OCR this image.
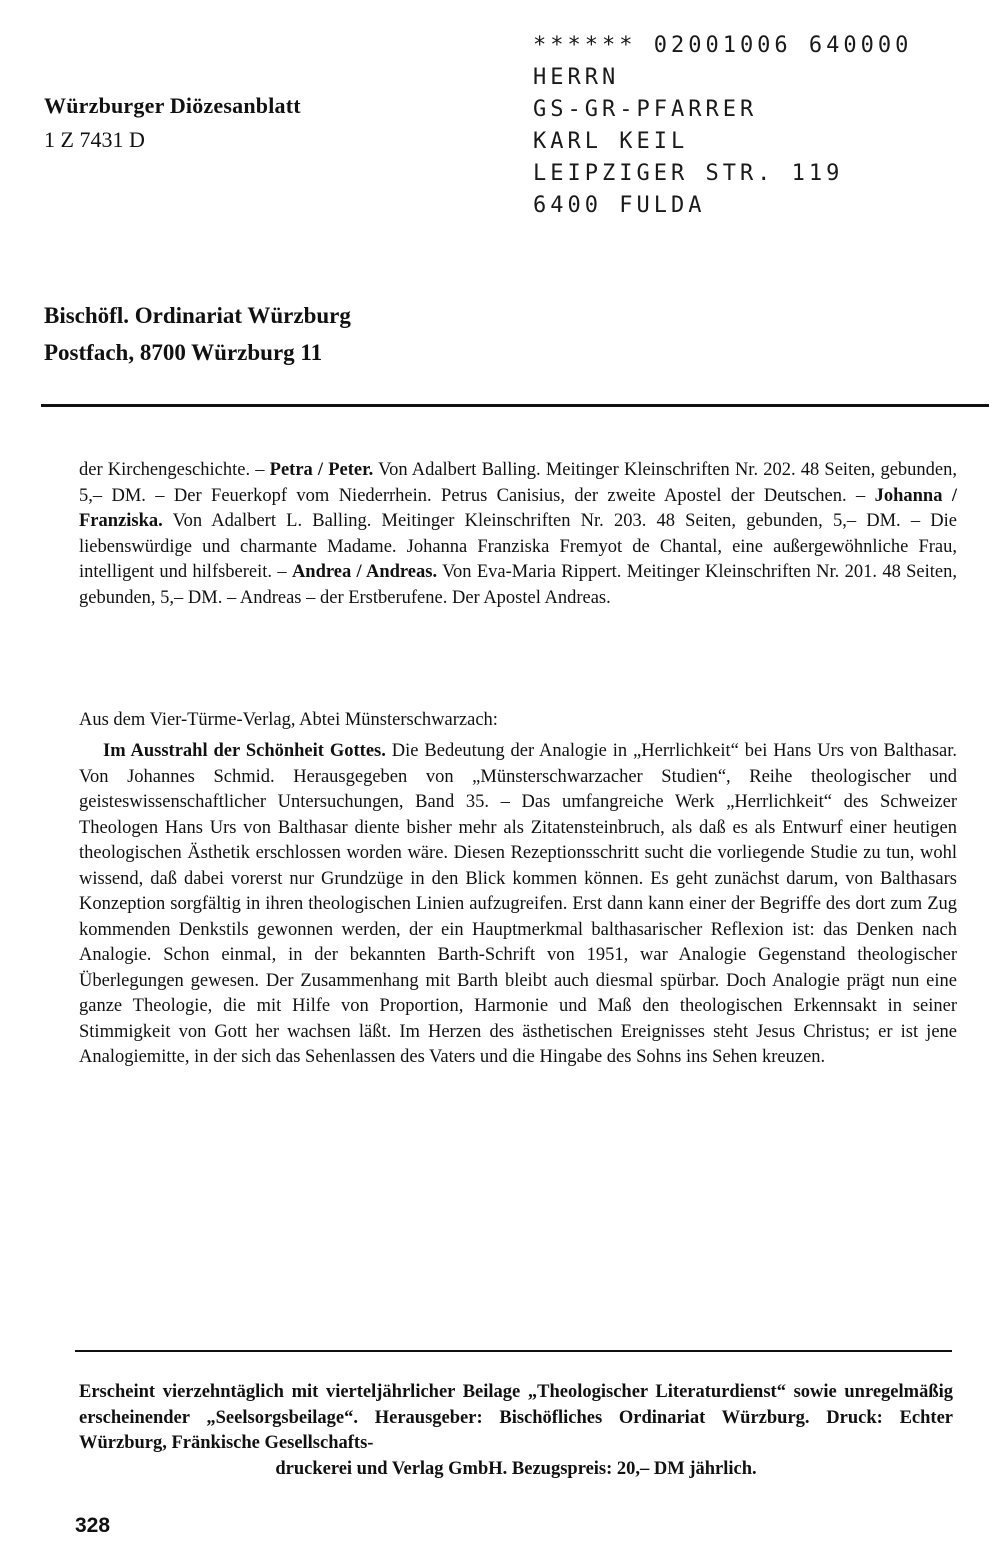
Würzburger Diözesanblatt
1 Z 7431 D
****** 02001006 640000
HERRN
GS-GR-PFARRER
KARL KEIL
LEIPZIGER STR. 119
6400 FULDA
Bischöfl. Ordinariat Würzburg
Postfach, 8700 Würzburg 11
der Kirchengeschichte. – Petra / Peter. Von Adalbert Balling. Meitinger Kleinschriften Nr. 202. 48 Seiten, gebunden, 5,– DM. – Der Feuerkopf vom Niederrhein. Petrus Canisius, der zweite Apostel der Deutschen. – Johanna / Franziska. Von Adalbert L. Balling. Meitinger Kleinschriften Nr. 203. 48 Seiten, gebunden, 5,– DM. – Die liebenswürdige und charmante Madame. Johanna Franziska Fremyot de Chantal, eine außergewöhnliche Frau, intelligent und hilfsbereit. – Andrea / Andreas. Von Eva-Maria Rippert. Meitinger Kleinschriften Nr. 201. 48 Seiten, gebunden, 5,– DM. – Andreas – der Erstberufene. Der Apostel Andreas.
Aus dem Vier-Türme-Verlag, Abtei Münsterschwarzach:
Im Ausstrahl der Schönheit Gottes. Die Bedeutung der Analogie in „Herrlichkeit“ bei Hans Urs von Balthasar. Von Johannes Schmid. Herausgegeben von „Münsterschwarzacher Studien“, Reihe theologischer und geisteswissenschaftlicher Untersuchungen, Band 35. – Das umfangreiche Werk „Herrlichkeit“ des Schweizer Theologen Hans Urs von Balthasar diente bisher mehr als Zitatensteinbruch, als daß es als Entwurf einer heutigen theologischen Ästhetik erschlossen worden wäre. Diesen Rezeptionsschritt sucht die vorliegende Studie zu tun, wohl wissend, daß dabei vorerst nur Grundzüge in den Blick kommen können. Es geht zunächst darum, von Balthasars Konzeption sorgfältig in ihren theologischen Linien aufzugreifen. Erst dann kann einer der Begriffe des dort zum Zug kommenden Denkstils gewonnen werden, der ein Hauptmerkmal balthasarischer Reflexion ist: das Denken nach Analogie. Schon einmal, in der bekannten Barth-Schrift von 1951, war Analogie Gegenstand theologischer Überlegungen gewesen. Der Zusammenhang mit Barth bleibt auch diesmal spürbar. Doch Analogie prägt nun eine ganze Theologie, die mit Hilfe von Proportion, Harmonie und Maß den theologischen Erkennsakt in seiner Stimmigkeit von Gott her wachsen läßt. Im Herzen des ästhetischen Ereignisses steht Jesus Christus; er ist jene Analogiemitte, in der sich das Sehenlassen des Vaters und die Hingabe des Sohns ins Sehen kreuzen.
Erscheint vierzehntäglich mit vierteljährlicher Beilage „Theologischer Literaturdienst“ sowie unregelmäßig erscheinender „Seelsorgsbeilage“. Herausgeber: Bischöfliches Ordinariat Würzburg. Druck: Echter Würzburg, Fränkische Gesellschafts-
druckerei und Verlag GmbH. Bezugspreis: 20,– DM jährlich.
328
